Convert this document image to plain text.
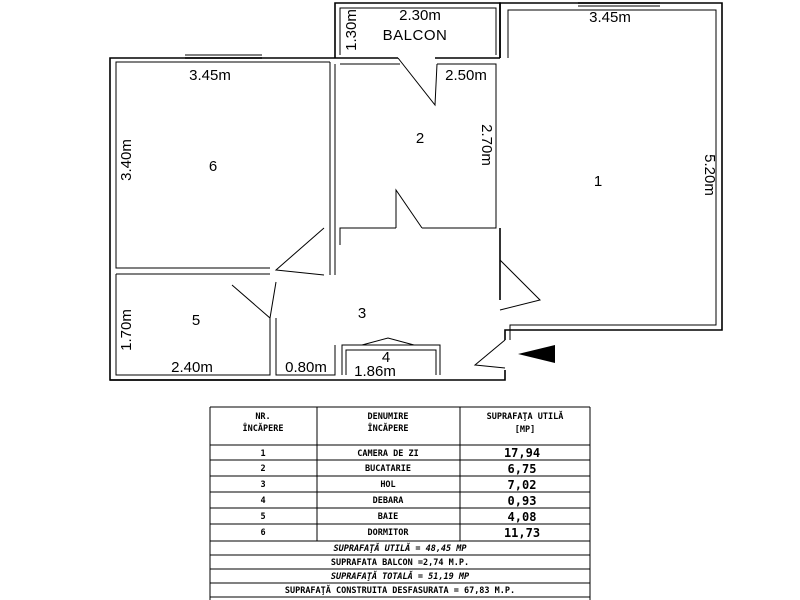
2.30m
1.30m BALCON
3.45m
5.20m
2.50m
2.70m
3.45m
3.40m
1.70m
2.40m	0.80m 1.86m
1
2
3
4
5
6
NR.
ÎNCĂPERE
DENUMIRE
ÎNCĂPERE
SUPRAFAŢA UTILĂ
[MP]
1	CAMERA DE ZI	17,94
2	BUCATARIE	6,75
3	HOL	7,02
4	DEBARA	0,93
5	BAIE	4,08
6	DORMITOR	11,73
SUPRAFAŢĂ UTILĂ = 48,45 MP
SUPRAFATA BALCON =2,74 M.P.
SUPRAFAŢĂ TOTALĂ = 51,19 MP
SUPRAFAŢĂ CONSTRUITA DESFASURATA = 67,83 M.P.
